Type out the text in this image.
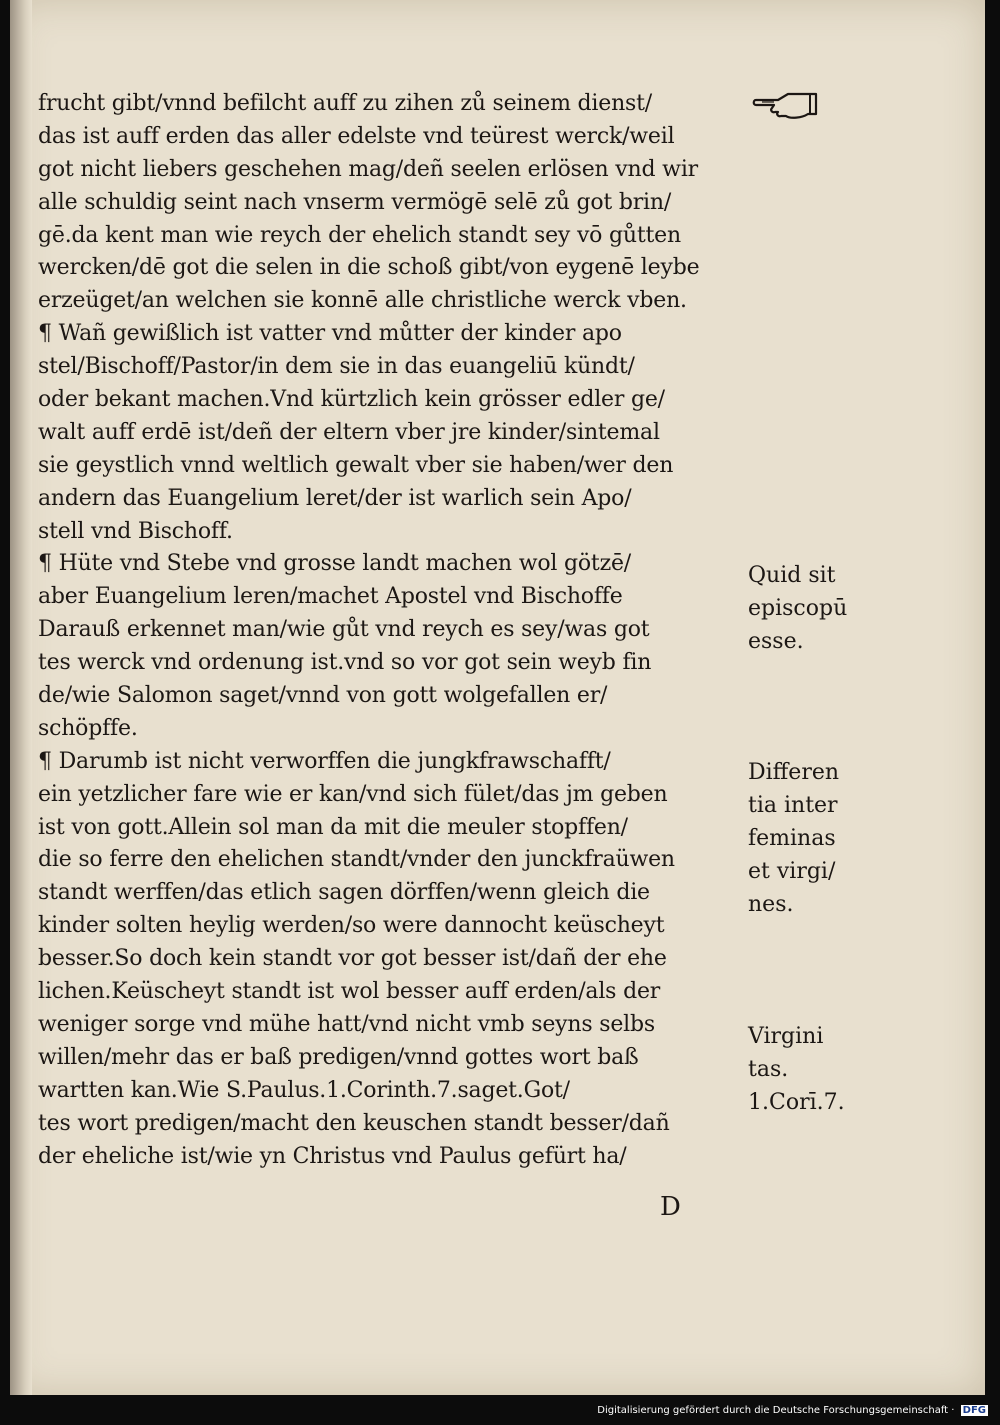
frucht gibt/vnnd befilcht auff zu zihen zů seinem dienst/
das ist auff erden das aller edelste vnd teürest werck/weil
got nicht liebers geschehen mag/deñ seelen erlösen vnd wir
alle schuldig seint nach vnserm vermögē selē zů got brin/
gē.da kent man wie reych der ehelich standt sey vō gůtten
wercken/dē got die selen in die schoß gibt/von eygenē leybe
erzeüget/an welchen sie konnē alle christliche werck vben.
¶ Wañ gewißlich ist vatter vnd můtter der kinder apo
stel/Bischoff/Pastor/in dem sie in das euangeliū kündt/
oder bekant machen.Vnd kürtzlich kein grösser edler ge/
walt auff erdē ist/deñ der eltern vber jre kinder/sintemal
sie geystlich vnnd weltlich gewalt vber sie haben/wer den
andern das Euangelium leret/der ist warlich sein Apo/
stell vnd Bischoff.
¶ Hüte vnd Stebe vnd grosse landt machen wol götzē/
aber Euangelium leren/machet Apostel vnd Bischoffe
Darauß erkennet man/wie gůt vnd reych es sey/was got
tes werck vnd ordenung ist.vnd so vor got sein weyb fin
de/wie Salomon saget/vnnd von gott wolgefallen er/
schöpffe.
¶ Darumb ist nicht verworffen die jungkfrawschafft/
ein yetzlicher fare wie er kan/vnd sich fület/das jm geben
ist von gott.Allein sol man da mit die meuler stopffen/
die so ferre den ehelichen standt/vnder den junckfraüwen
standt werffen/das etlich sagen dörffen/wenn gleich die
kinder solten heylig werden/so were dannocht keüscheyt
besser.So doch kein standt vor got besser ist/dañ der ehe
lichen.Keüscheyt standt ist wol besser auff erden/als der
weniger sorge vnd mühe hatt/vnd nicht vmb seyns selbs
willen/mehr das er baß predigen/vnnd gottes wort baß
wartten kan.Wie S.Paulus.1.Corinth.7.saget.Got/
tes wort predigen/macht den keuschen standt besser/dañ
der eheliche ist/wie yn Christus vnd Paulus gefürt ha/
Quid sit
episcopū
esse.
Differen
tia inter
feminas
et virgi/
nes.
Virgini
tas.
1.Corī.7.
D
Digitalisierung gefördert durch die Deutsche Forschungsgemeinschaft · DFG
